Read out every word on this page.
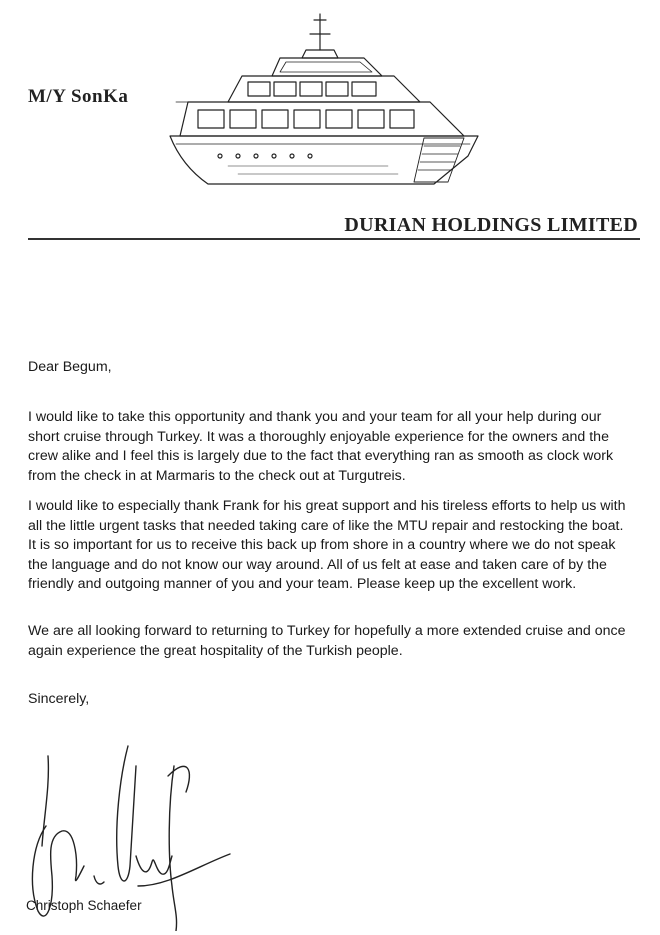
M/Y SonKa
DURIAN HOLDINGS LIMITED
Dear Begum,
I would like to take this opportunity and thank you and your team for all your help during our short cruise through Turkey. It was a thoroughly enjoyable experience for the owners and the crew alike and I feel this is largely due to the fact that everything ran as smooth as clock work from the check in at Marmaris to the check out at Turgutreis.
I would like to especially thank Frank for his great support and his tireless efforts to help us with all the little urgent tasks that needed taking care of like the MTU repair and restocking the boat. It is so important for us to receive this back up from shore in a country where we do not speak the language and do not know our way around. All of us felt at ease and taken care of by the friendly and outgoing manner of you and your team. Please keep up the excellent work.
We are all looking forward to returning to Turkey for hopefully a more extended cruise and once again experience the great hospitality of the Turkish people.
Sincerely,
Christoph Schaefer
